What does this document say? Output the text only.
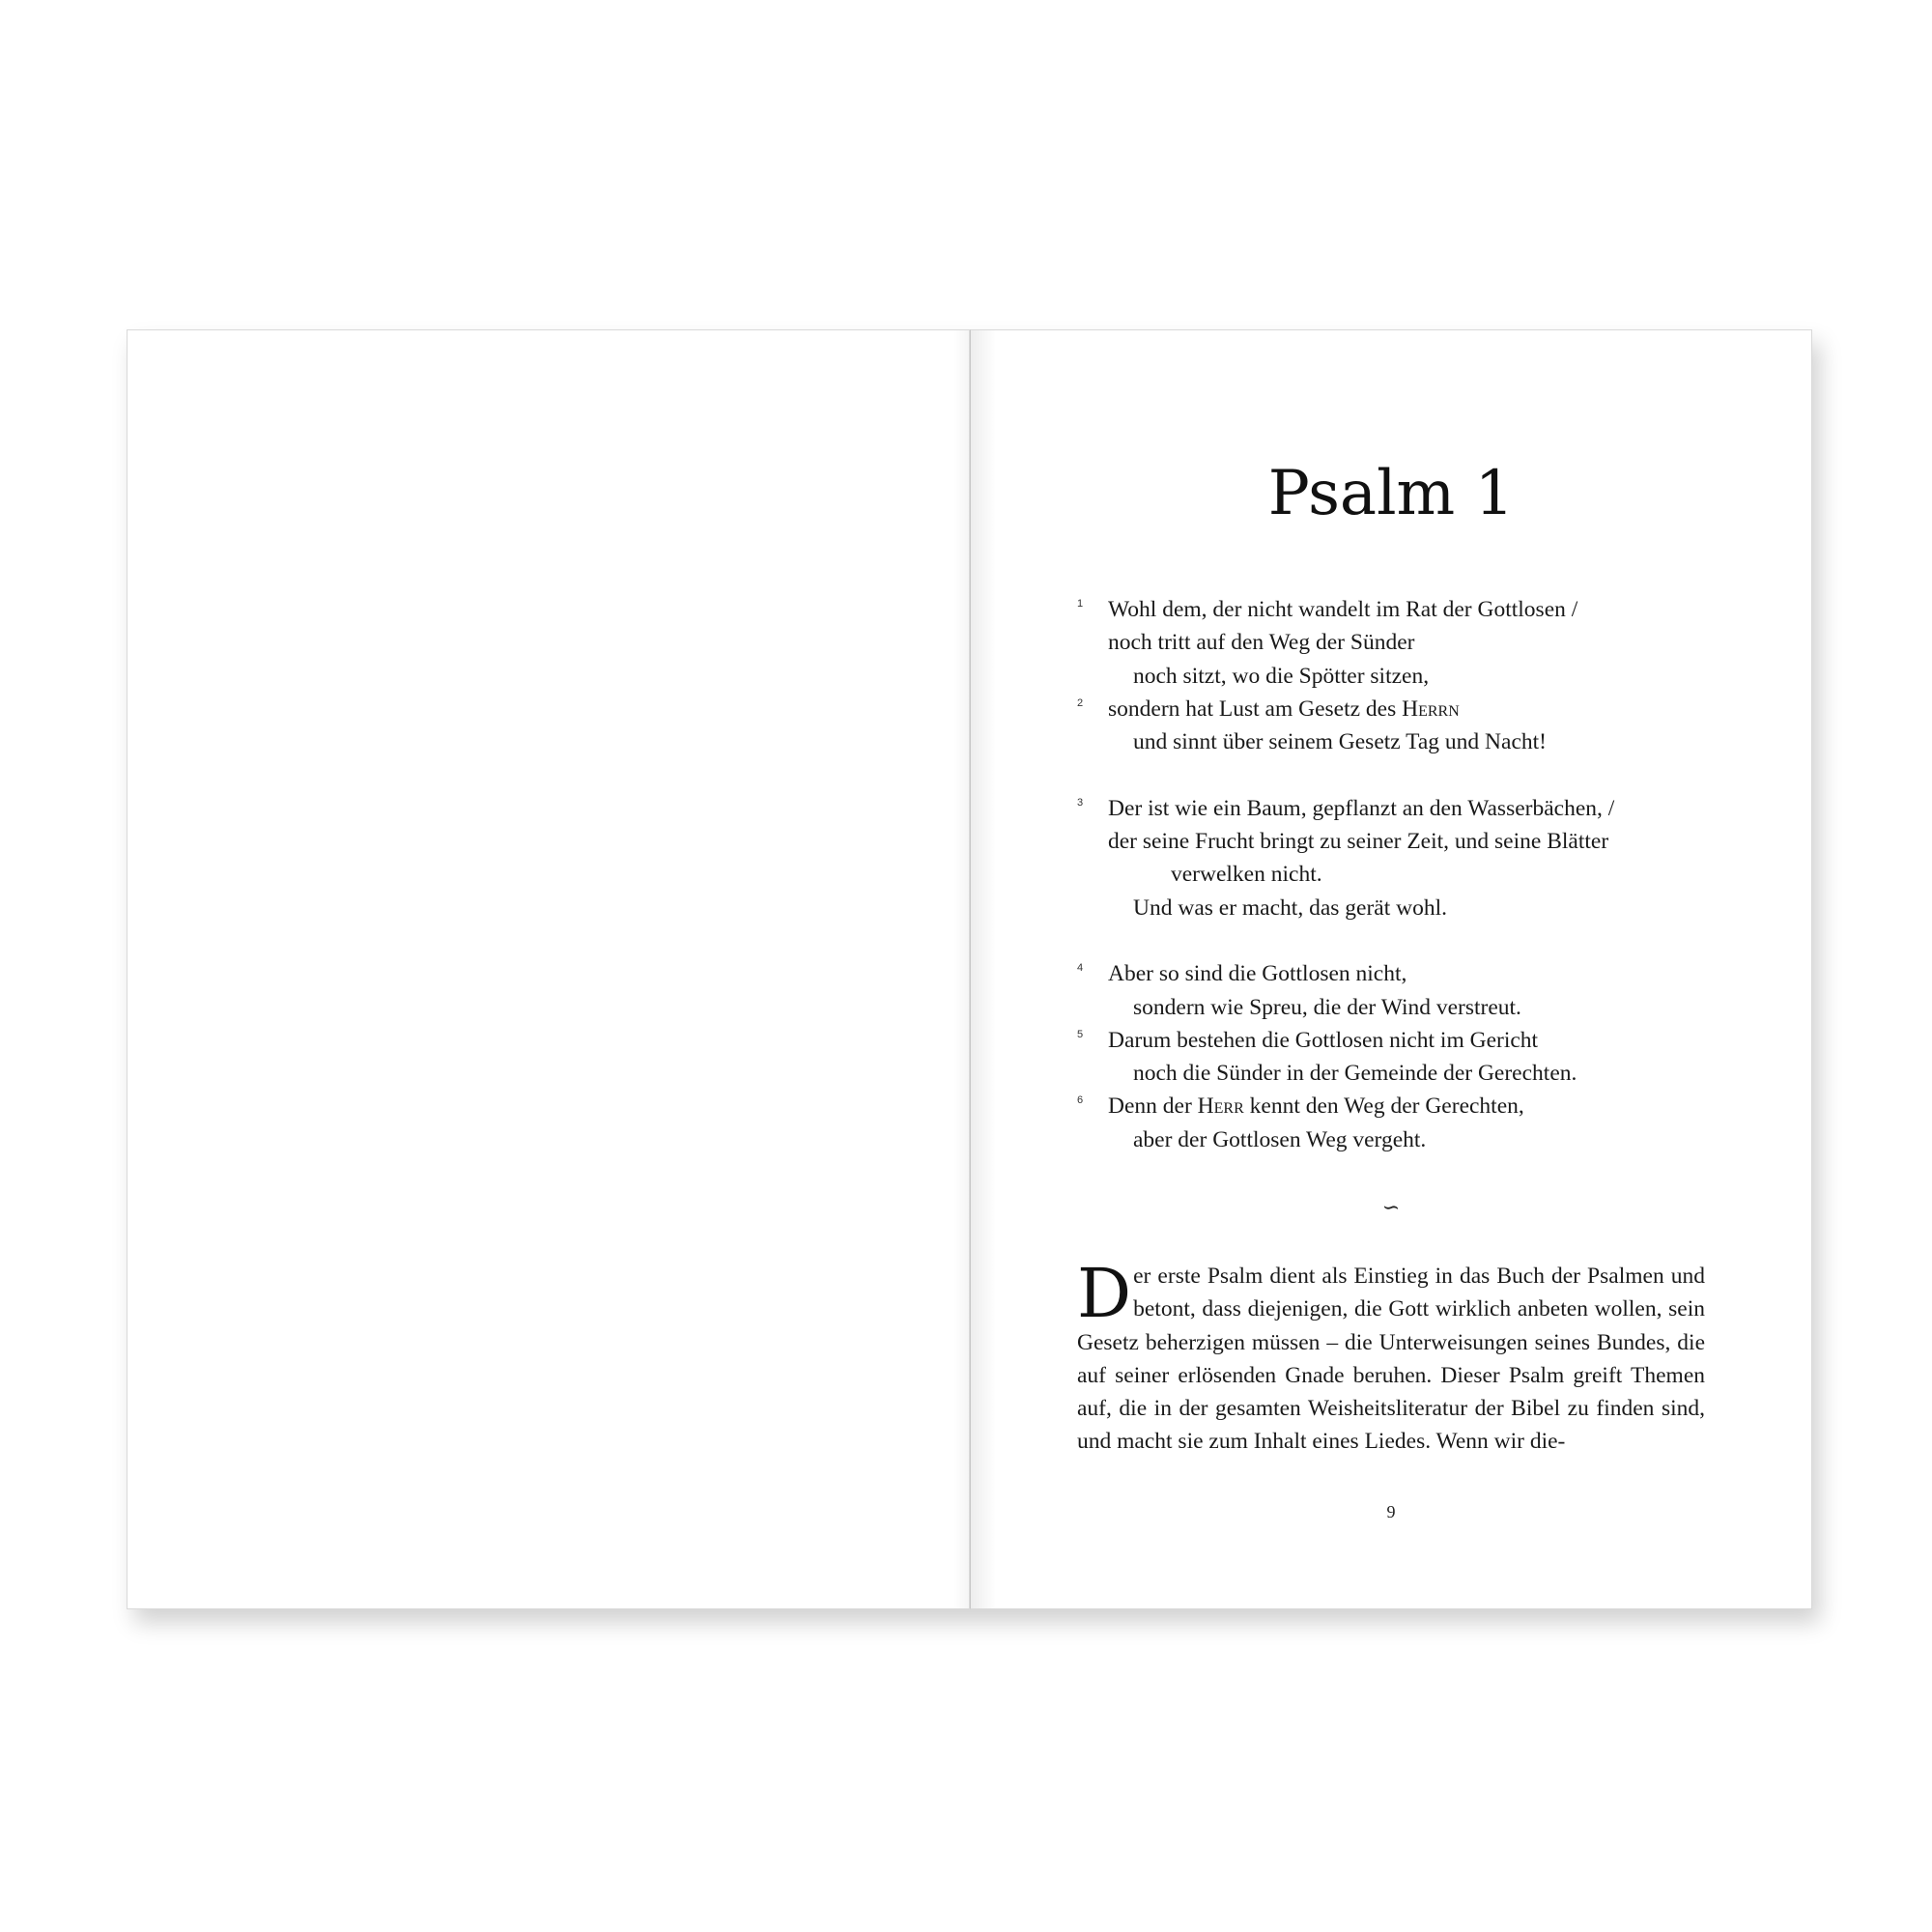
Psalm 1
1 Wohl dem, der nicht wandelt im Rat der Gottlosen /
noch tritt auf den Weg der Sünder
noch sitzt, wo die Spötter sitzen,
2 sondern hat Lust am Gesetz des Herrn
und sinnt über seinem Gesetz Tag und Nacht!
3 Der ist wie ein Baum, gepflanzt an den Wasserbächen, /
der seine Frucht bringt zu seiner Zeit, und seine Blätter
verwelken nicht.
Und was er macht, das gerät wohl.
4 Aber so sind die Gottlosen nicht,
sondern wie Spreu, die der Wind verstreut.
5 Darum bestehen die Gottlosen nicht im Gericht
noch die Sünder in der Gemeinde der Gerechten.
6 Denn der Herr kennt den Weg der Gerechten,
aber der Gottlosen Weg vergeht.
∽
Der erste Psalm dient als Einstieg in das Buch der Psalmen und betont, dass diejenigen, die Gott wirklich anbeten wollen, sein Gesetz beherzigen müssen – die Unterweisungen seines Bundes, die auf seiner erlösenden Gnade beruhen. Dieser Psalm greift Themen auf, die in der gesamten Weisheitsliteratur der Bibel zu finden sind, und macht sie zum Inhalt eines Liedes. Wenn wir die-
9
